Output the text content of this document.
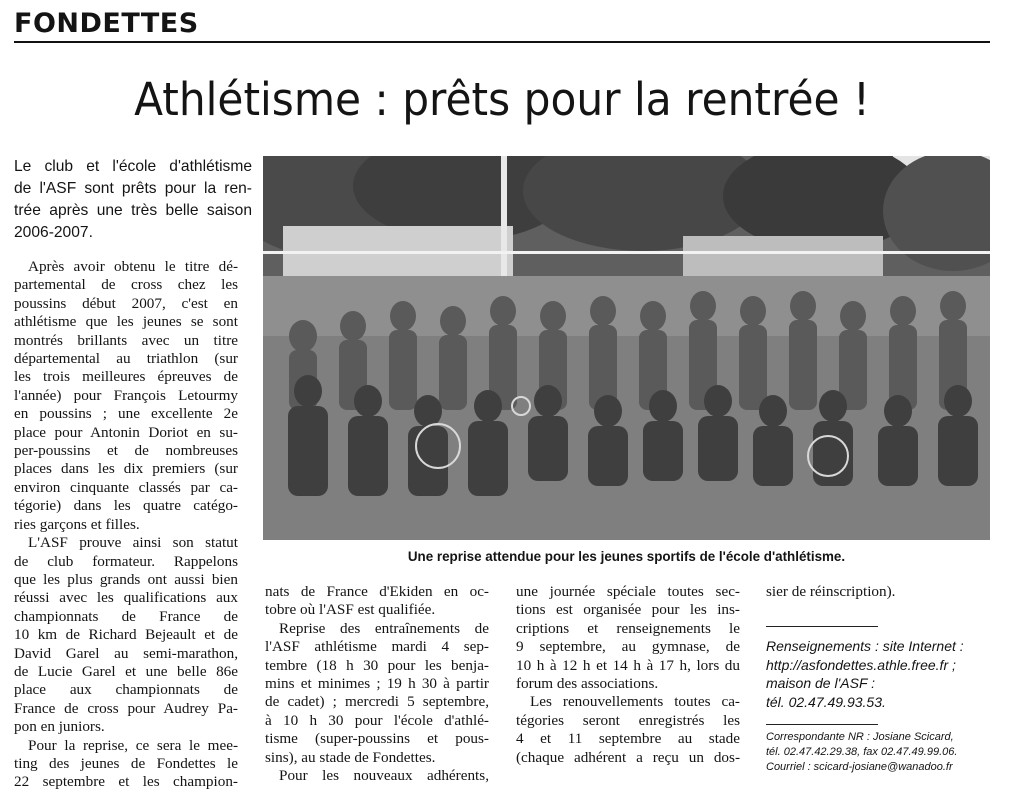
FONDETTES
Athlétisme : prêts pour la rentrée !
Le club et l'école d'athlétisme
de l'ASF sont prêts pour la ren-
trée après une très belle saison
2006-2007.
Après avoir obtenu le titre dé-
partemental de cross chez les
poussins début 2007, c'est en
athlétisme que les jeunes se sont
montrés brillants avec un titre
départemental au triathlon (sur
les trois meilleures épreuves de
l'année) pour François Letourmy
en poussins ; une excellente 2e
place pour Antonin Doriot en su-
per-poussins et de nombreuses
places dans les dix premiers (sur
environ cinquante classés par ca-
tégorie) dans les quatre catégo-
ries garçons et filles.
L'ASF prouve ainsi son statut
de club formateur. Rappelons
que les plus grands ont aussi bien
réussi avec les qualifications aux
championnats de France de
10 km de Richard Bejeault et de
David Garel au semi-marathon,
de Lucie Garel et une belle 86e
place aux championnats de
France de cross pour Audrey Pa-
pon en juniors.
Pour la reprise, ce sera le mee-
ting des jeunes de Fondettes le
22 septembre et les champion-
Une reprise attendue pour les jeunes sportifs de l'école d'athlétisme.
nats de France d'Ekiden en oc-
tobre où l'ASF est qualifiée.
Reprise des entraînements de
l'ASF athlétisme mardi 4 sep-
tembre (18 h 30 pour les benja-
mins et minimes ; 19 h 30 à partir
de cadet) ; mercredi 5 septembre,
à 10 h 30 pour l'école d'athlé-
tisme (super-poussins et pous-
sins), au stade de Fondettes.
Pour les nouveaux adhérents,
une journée spéciale toutes sec-
tions est organisée pour les ins-
criptions et renseignements le
9 septembre, au gymnase, de
10 h à 12 h et 14 h à 17 h, lors du
forum des associations.
Les renouvellements toutes ca-
tégories seront enregistrés les
4 et 11 septembre au stade
(chaque adhérent a reçu un dos-
sier de réinscription).
Renseignements : site Internet :
http://asfondettes.athle.free.fr ;
maison de l'ASF :
tél. 02.47.49.93.53.
Correspondante NR : Josiane Scicard,
tél. 02.47.42.29.38, fax 02.47.49.99.06.
Courriel : scicard-josiane@wanadoo.fr
